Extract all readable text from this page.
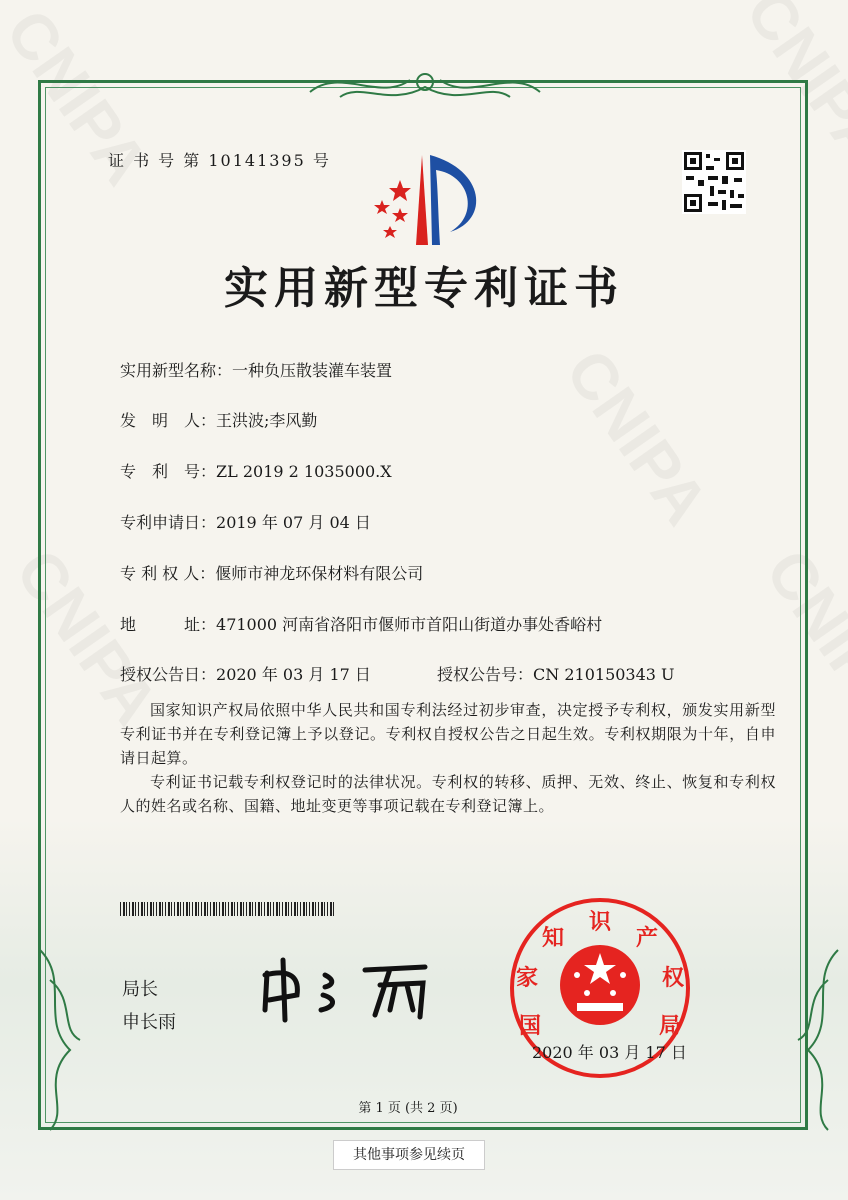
证 书 号 第 10141395 号
实用新型专利证书
实用新型名称：一种负压散装灌车装置
发　明　人：王洪波;李风勤
专　利　号：ZL 2019 2 1035000.X
专利申请日：2019 年 07 月 04 日
专 利 权 人：偃师市神龙环保材料有限公司
地　　　址：471000 河南省洛阳市偃师市首阳山街道办事处香峪村
授权公告日：2020 年 03 月 17 日	授权公告号：CN 210150343 U

国家知识产权局依照中华人民共和国专利法经过初步审查，决定授予专利权，颁发实用新型专利证书并在专利登记簿上予以登记。专利权自授权公告之日起生效。专利权期限为十年，自申请日起算。

专利证书记载专利权登记时的法律状况。专利权的转移、质押、无效、终止、恢复和专利权人的姓名或名称、国籍、地址变更等事项记载在专利登记簿上。

局长
申长雨	国
家
知
识
产
权
局
2020 年 03 月 17 日
第 1 页 (共 2 页)
其他事项参见续页
